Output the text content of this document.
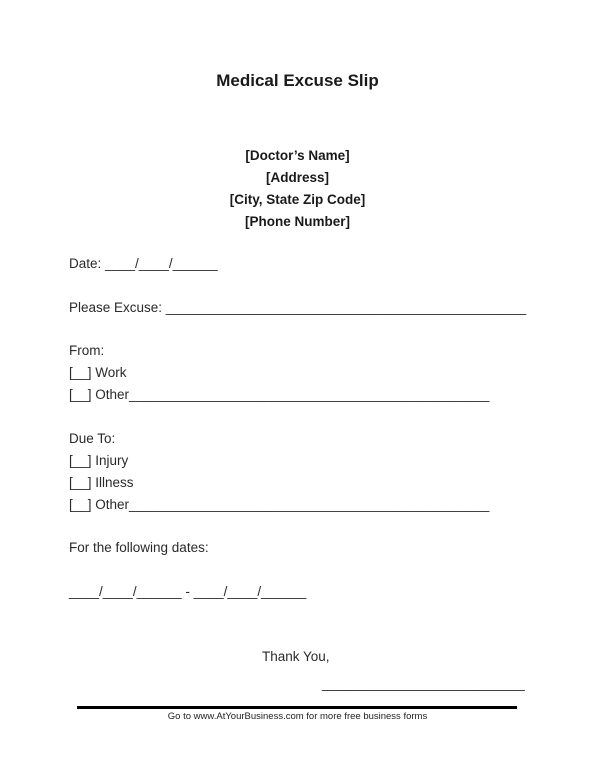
Medical Excuse Slip
[Doctor’s Name]
[Address]
[City, State Zip Code]
[Phone Number]
Date: ____/____/______
Please Excuse: ________________________________________________
From:
[__] Work
[__] Other________________________________________________
Due To:
[__] Injury
[__] Illness
[__] Other________________________________________________
For the following dates:
____/____/______ - ____/____/______
Thank You,
___________________________
Go to www.AtYourBusiness.com for more free business forms
